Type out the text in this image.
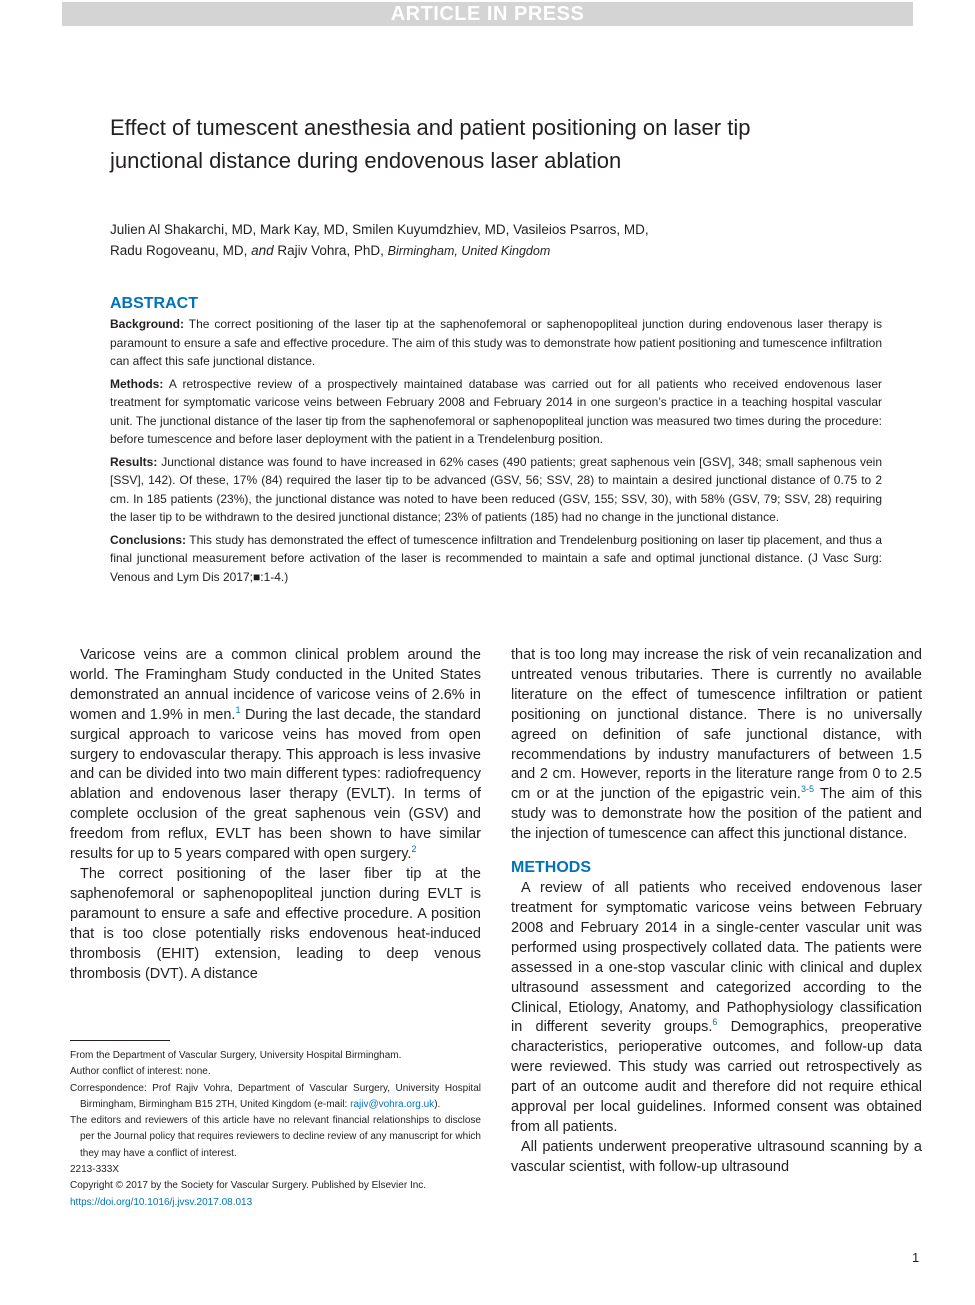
ARTICLE IN PRESS
Effect of tumescent anesthesia and patient positioning on laser tip junctional distance during endovenous laser ablation
Julien Al Shakarchi, MD, Mark Kay, MD, Smilen Kuyumdzhiev, MD, Vasileios Psarros, MD,
Radu Rogoveanu, MD, and Rajiv Vohra, PhD, Birmingham, United Kingdom
ABSTRACT

Background: The correct positioning of the laser tip at the saphenofemoral or saphenopopliteal junction during endovenous laser therapy is paramount to ensure a safe and effective procedure. The aim of this study was to demonstrate how patient positioning and tumescence infiltration can affect this safe junctional distance.

Methods: A retrospective review of a prospectively maintained database was carried out for all patients who received endovenous laser treatment for symptomatic varicose veins between February 2008 and February 2014 in one surgeon’s practice in a teaching hospital vascular unit. The junctional distance of the laser tip from the saphenofemoral or saphenopopliteal junction was measured two times during the procedure: before tumescence and before laser deployment with the patient in a Trendelenburg position.

Results: Junctional distance was found to have increased in 62% cases (490 patients; great saphenous vein [GSV], 348; small saphenous vein [SSV], 142). Of these, 17% (84) required the laser tip to be advanced (GSV, 56; SSV, 28) to maintain a desired junctional distance of 0.75 to 2 cm. In 185 patients (23%), the junctional distance was noted to have been reduced (GSV, 155; SSV, 30), with 58% (GSV, 79; SSV, 28) requiring the laser tip to be withdrawn to the desired junctional distance; 23% of patients (185) had no change in the junctional distance.

Conclusions: This study has demonstrated the effect of tumescence infiltration and Trendelenburg positioning on laser tip placement, and thus a final junctional measurement before activation of the laser is recommended to maintain a safe and optimal junctional distance. (J Vasc Surg: Venous and Lym Dis 2017;■:1-4.)

Varicose veins are a common clinical problem around the world. The Framingham Study conducted in the United States demonstrated an annual incidence of varicose veins of 2.6% in women and 1.9% in men.$^1$ During the last decade, the standard surgical approach to varicose veins has moved from open surgery to endovascular therapy. This approach is less invasive and can be divided into two main different types: radiofrequency ablation and endovenous laser therapy (EVLT). In terms of complete occlusion of the great saphenous vein (GSV) and freedom from reflux, EVLT has been shown to have similar results for up to 5 years compared with open surgery.$^2$

The correct positioning of the laser fiber tip at the saphenofemoral or saphenopopliteal junction during EVLT is paramount to ensure a safe and effective procedure. A position that is too close potentially risks endovenous heat-induced thrombosis (EHIT) extension, leading to deep venous thrombosis (DVT). A distance

that is too long may increase the risk of vein recanalization and untreated venous tributaries. There is currently no available literature on the effect of tumescence infiltration or patient positioning on junctional distance. There is no universally agreed on definition of safe junctional distance, with recommendations by industry manufacturers of between 1.5 and 2 cm. However, reports in the literature range from 0 to 2.5 cm or at the junction of the epigastric vein.$^{3-5}$ The aim of this study was to demonstrate how the position of the patient and the injection of tumescence can affect this junctional distance.

METHODS

A review of all patients who received endovenous laser treatment for symptomatic varicose veins between February 2008 and February 2014 in a single-center vascular unit was performed using prospectively collated data. The patients were assessed in a one-stop vascular clinic with clinical and duplex ultrasound assessment and categorized according to the Clinical, Etiology, Anatomy, and Pathophysiology classification in different severity groups.$^6$ Demographics, preoperative characteristics, perioperative outcomes, and follow-up data were reviewed. This study was carried out retrospectively as part of an outcome audit and therefore did not require ethical approval per local guidelines. Informed consent was obtained from all patients.

All patients underwent preoperative ultrasound scanning by a vascular scientist, with follow-up ultrasound

From the Department of Vascular Surgery, University Hospital Birmingham.

Author conflict of interest: none.

Correspondence: Prof Rajiv Vohra, Department of Vascular Surgery, University Hospital Birmingham, Birmingham B15 2TH, United Kingdom (e-mail: rajiv@vohra.org.uk).

The editors and reviewers of this article have no relevant financial relationships to disclose per the Journal policy that requires reviewers to decline review of any manuscript for which they may have a conflict of interest.

2213-333X

Copyright © 2017 by the Society for Vascular Surgery. Published by Elsevier Inc.

https://doi.org/10.1016/j.jvsv.2017.08.013

1
